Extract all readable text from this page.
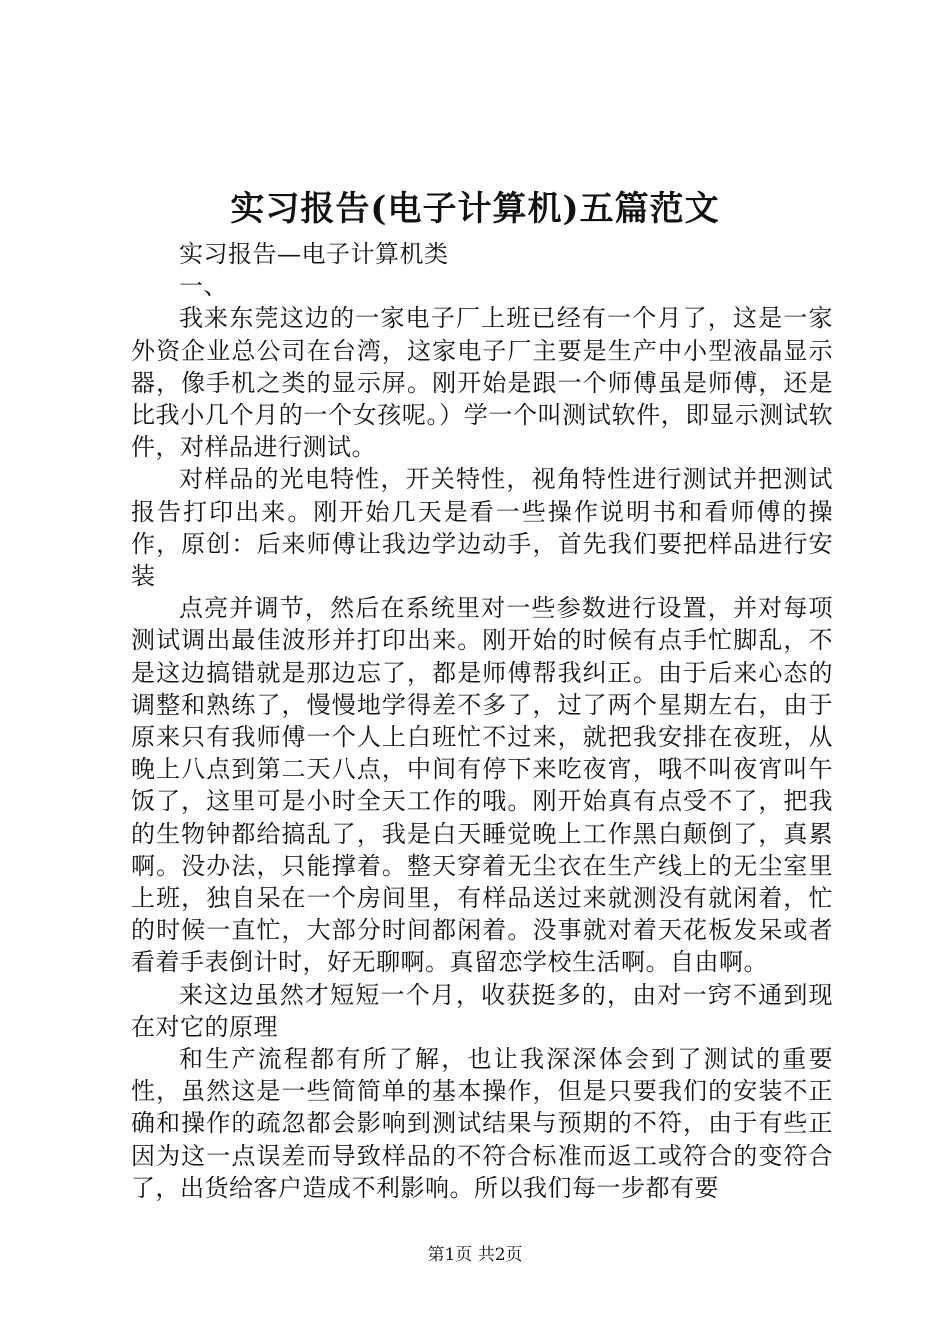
实习报告(电子计算机)五篇范文

实习报告—电子计算机类

一、

我来东莞这边的一家电子厂上班已经有一个月了，这是一家外资企业总公司在台湾，这家电子厂主要是生产中小型液晶显示器，像手机之类的显示屏。刚开始是跟一个师傅虽是师傅，还是比我小几个月的一个女孩呢。）学一个叫测试软件，即显示测试软件，对样品进行测试。

对样品的光电特性，开关特性，视角特性进行测试并把测试报告打印出来。刚开始几天是看一些操作说明书和看师傅的操作，原创：后来师傅让我边学边动手，首先我们要把样品进行安装

点亮并调节，然后在系统里对一些参数进行设置，并对每项测试调出最佳波形并打印出来。刚开始的时候有点手忙脚乱，不是这边搞错就是那边忘了，都是师傅帮我纠正。由于后来心态的调整和熟练了，慢慢地学得差不多了，过了两个星期左右，由于原来只有我师傅一个人上白班忙不过来，就把我安排在夜班，从晚上八点到第二天八点，中间有停下来吃夜宵，哦不叫夜宵叫午饭了，这里可是小时全天工作的哦。刚开始真有点受不了，把我的生物钟都给搞乱了，我是白天睡觉晚上工作黑白颠倒了，真累啊。没办法，只能撑着。整天穿着无尘衣在生产线上的无尘室里上班，独自呆在一个房间里，有样品送过来就测没有就闲着，忙的时候一直忙，大部分时间都闲着。没事就对着天花板发呆或者看着手表倒计时，好无聊啊。真留恋学校生活啊。自由啊。

来这边虽然才短短一个月，收获挺多的，由对一窍不通到现在对它的原理

和生产流程都有所了解，也让我深深体会到了测试的重要性，虽然这是一些简简单的基本操作，但是只要我们的安装不正确和操作的疏忽都会影响到测试结果与预期的不符，由于有些正因为这一点误差而导致样品的不符合标准而返工或符合的变符合了，出货给客户造成不利影响。所以我们每一步都有要

第1页 共2页
